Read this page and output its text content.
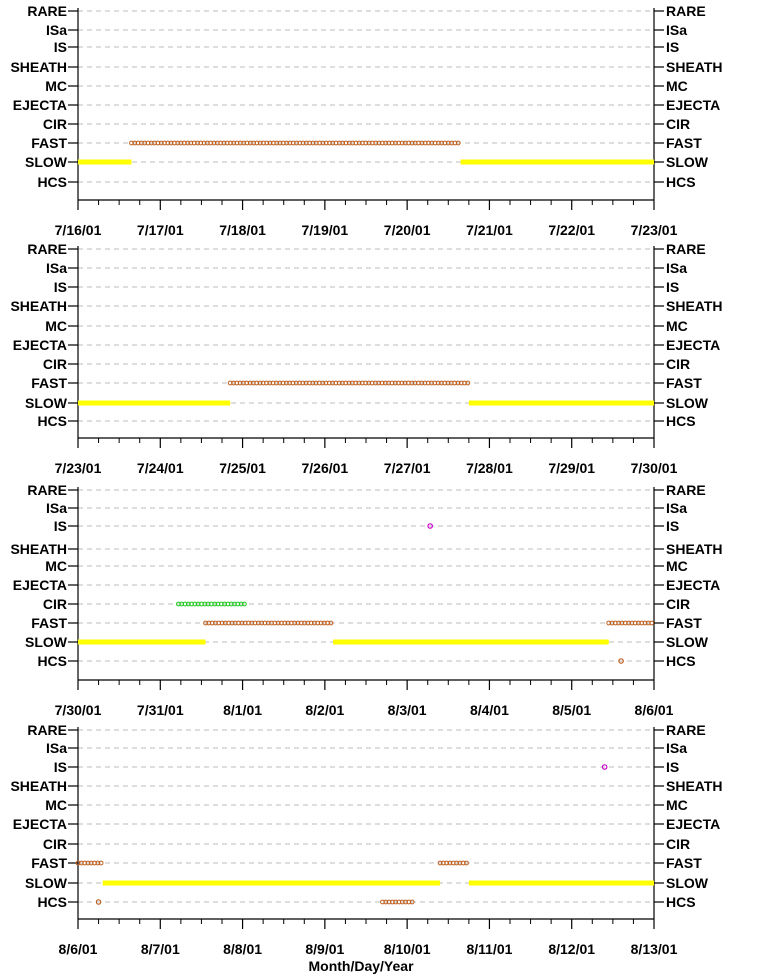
Month/Day/Year
RARE	RARE
ISa	ISa
IS	IS
SHEATH	SHEATH
MC	MC
EJECTA	EJECTA
CIR	CIR
FAST	FAST
SLOW	SLOW
HCS	HCS
7/16/01	7/17/01	7/18/01	7/19/01	7/20/01	7/21/01	7/22/01	7/23/01
RARE	RARE
ISa	ISa
IS	IS
SHEATH	SHEATH
MC	MC
EJECTA	EJECTA
CIR	CIR
FAST	FAST
SLOW	SLOW
HCS	HCS
7/23/01	7/24/01	7/25/01	7/26/01	7/27/01	7/28/01	7/29/01	7/30/01
RARE	RARE
ISa	ISa
IS	IS
SHEATH	SHEATH
MC	MC
EJECTA	EJECTA
CIR	CIR
FAST	FAST
SLOW	SLOW
HCS	HCS
7/30/01	7/31/01	8/1/01	8/2/01	8/3/01	8/4/01	8/5/01	8/6/01
RARE	RARE
ISa	ISa
IS	IS
SHEATH	SHEATH
MC	MC
EJECTA	EJECTA
CIR	CIR
FAST	FAST
SLOW	SLOW
HCS	HCS
8/6/01	8/7/01	8/8/01	8/9/01	8/10/01	8/11/01	8/12/01	8/13/01
